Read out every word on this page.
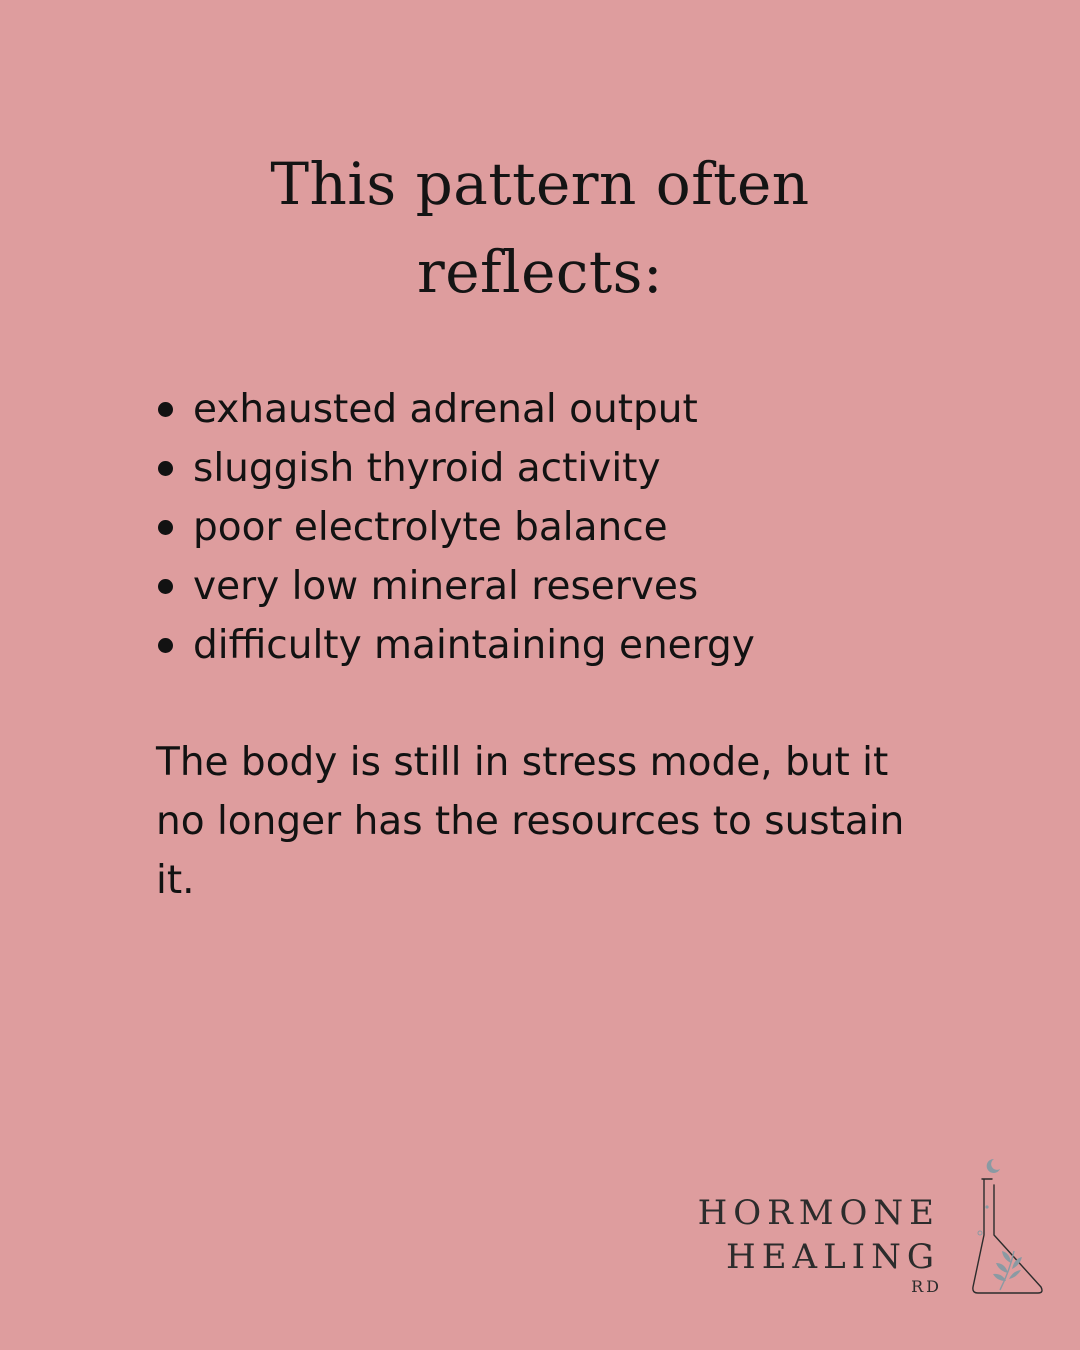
This pattern often reflects:
exhausted adrenal output
sluggish thyroid activity
poor electrolyte balance
very low mineral reserves
difficulty maintaining energy

The body is still in stress mode, but it no longer has the resources to sustain it.

HORMONE
HEALING
RD
